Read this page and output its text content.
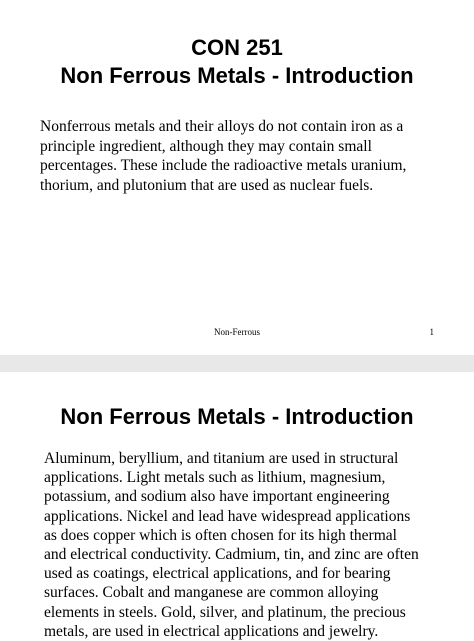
CON 251
Non Ferrous Metals - Introduction

Nonferrous metals and their alloys do not contain iron as a
principle ingredient, although they may contain small
percentages. These include the radioactive metals uranium,
thorium, and plutonium that are used as nuclear fuels.

Non-Ferrous	1
Non Ferrous Metals - Introduction

Aluminum, beryllium, and titanium are used in structural
applications. Light metals such as lithium, magnesium,
potassium, and sodium also have important engineering
applications. Nickel and lead have widespread applications
as does copper which is often chosen for its high thermal
and electrical conductivity. Cadmium, tin, and zinc are often
used as coatings, electrical applications, and for bearing
surfaces. Cobalt and manganese are common alloying
elements in steels. Gold, silver, and platinum, the precious
metals, are used in electrical applications and jewelry.
